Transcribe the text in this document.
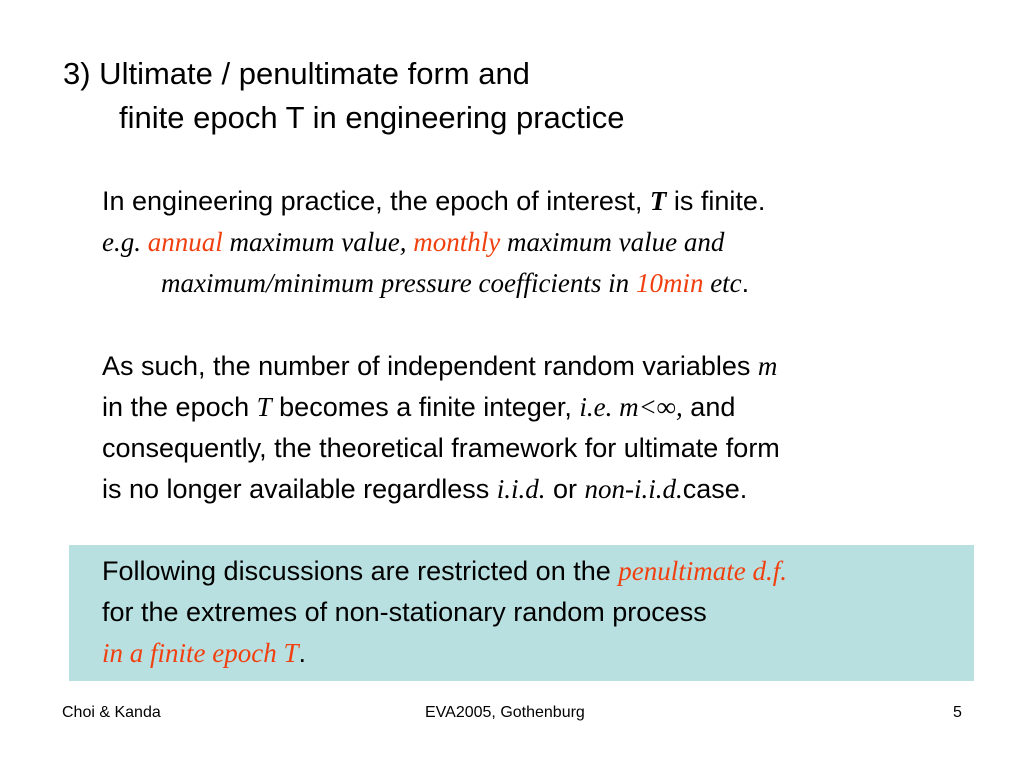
3) Ultimate / penultimate form and
finite epoch T in engineering practice
In engineering practice, the epoch of interest, T is finite.
e.g. annual maximum value, monthly maximum value and
maximum/minimum pressure coefficients in 10min etc.
As such, the number of independent random variables m
in the epoch T becomes a finite integer, i.e. m<∞, and
consequently, the theoretical framework for ultimate form
is no longer available regardless i.i.d. or non-i.i.d.case.
Following discussions are restricted on the penultimate d.f.
for the extremes of non-stationary random process
in a finite epoch T.
Choi & Kanda	EVA2005, Gothenburg	5
